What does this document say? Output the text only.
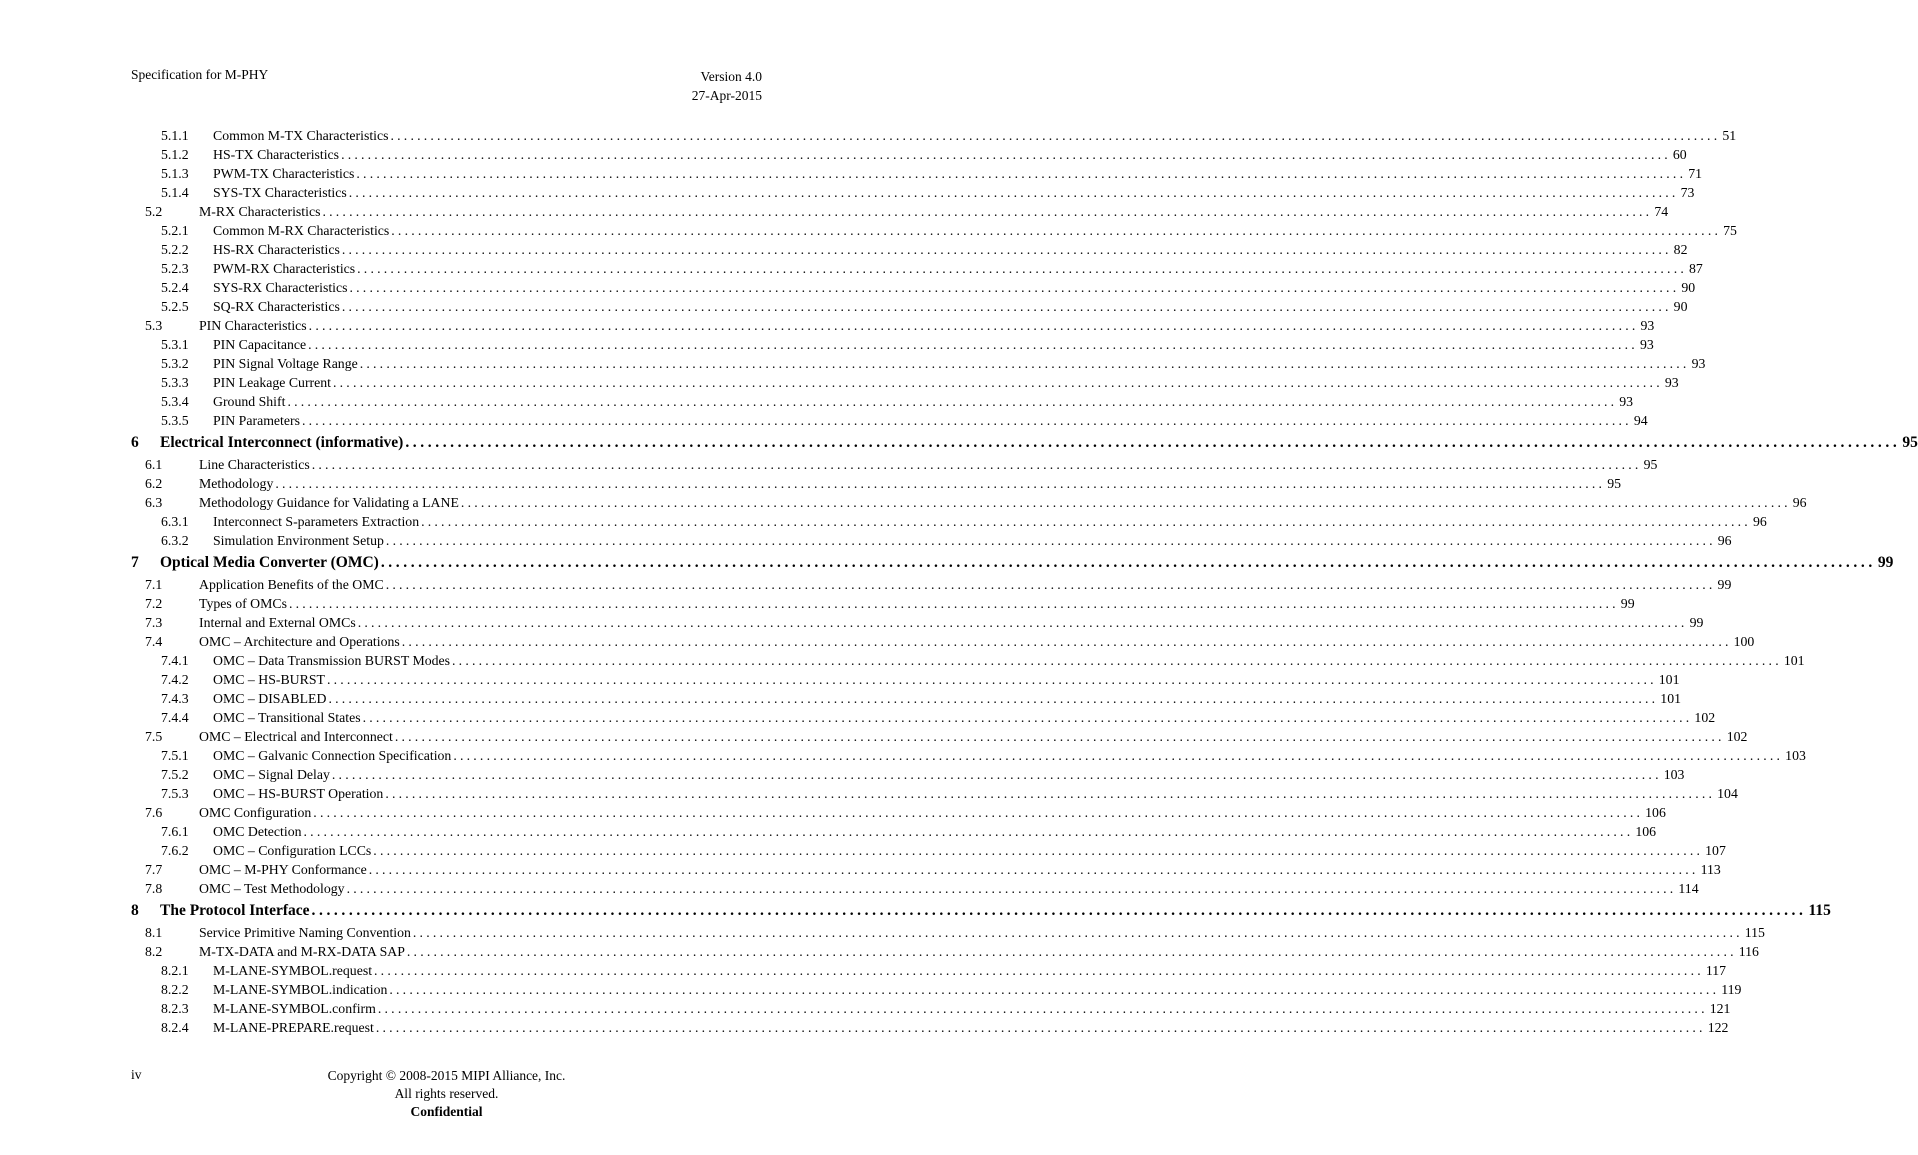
Specification for M-PHY	Version 4.0
27-Apr-2015
5.1.1	Common M-TX Characteristics ........................................................................................................................................................................................................ 51
5.1.2	HS-TX Characteristics ........................................................................................................................................................................................................ 60
5.1.3	PWM-TX Characteristics ........................................................................................................................................................................................................ 71
5.1.4	SYS-TX Characteristics ........................................................................................................................................................................................................ 73
5.2	M-RX Characteristics ........................................................................................................................................................................................................ 74
5.2.1	Common M-RX Characteristics ........................................................................................................................................................................................................ 75
5.2.2	HS-RX Characteristics ........................................................................................................................................................................................................ 82
5.2.3	PWM-RX Characteristics ........................................................................................................................................................................................................ 87
5.2.4	SYS-RX Characteristics ........................................................................................................................................................................................................ 90
5.2.5	SQ-RX Characteristics ........................................................................................................................................................................................................ 90
5.3	PIN Characteristics ........................................................................................................................................................................................................ 93
5.3.1	PIN Capacitance ........................................................................................................................................................................................................ 93
5.3.2	PIN Signal Voltage Range ........................................................................................................................................................................................................ 93
5.3.3	PIN Leakage Current ........................................................................................................................................................................................................ 93
5.3.4	Ground Shift ........................................................................................................................................................................................................ 93
5.3.5	PIN Parameters ........................................................................................................................................................................................................ 94
6	Electrical Interconnect (informative) ........................................................................................................................................................................................................ 95
6.1	Line Characteristics ........................................................................................................................................................................................................ 95
6.2	Methodology ........................................................................................................................................................................................................ 95
6.3	Methodology Guidance for Validating a LANE ........................................................................................................................................................................................................ 96
6.3.1	Interconnect S-parameters Extraction ........................................................................................................................................................................................................ 96
6.3.2	Simulation Environment Setup ........................................................................................................................................................................................................ 96
7	Optical Media Converter (OMC) ........................................................................................................................................................................................................ 99
7.1	Application Benefits of the OMC ........................................................................................................................................................................................................ 99
7.2	Types of OMCs ........................................................................................................................................................................................................ 99
7.3	Internal and External OMCs ........................................................................................................................................................................................................ 99
7.4	OMC – Architecture and Operations ........................................................................................................................................................................................................ 100
7.4.1	OMC – Data Transmission BURST Modes ........................................................................................................................................................................................................ 101
7.4.2	OMC – HS-BURST ........................................................................................................................................................................................................ 101
7.4.3	OMC – DISABLED ........................................................................................................................................................................................................ 101
7.4.4	OMC – Transitional States ........................................................................................................................................................................................................ 102
7.5	OMC – Electrical and Interconnect ........................................................................................................................................................................................................ 102
7.5.1	OMC – Galvanic Connection Specification ........................................................................................................................................................................................................ 103
7.5.2	OMC – Signal Delay ........................................................................................................................................................................................................ 103
7.5.3	OMC – HS-BURST Operation ........................................................................................................................................................................................................ 104
7.6	OMC Configuration ........................................................................................................................................................................................................ 106
7.6.1	OMC Detection ........................................................................................................................................................................................................ 106
7.6.2	OMC – Configuration LCCs ........................................................................................................................................................................................................ 107
7.7	OMC – M-PHY Conformance ........................................................................................................................................................................................................ 113
7.8	OMC – Test Methodology ........................................................................................................................................................................................................ 114
8	The Protocol Interface ........................................................................................................................................................................................................ 115
8.1	Service Primitive Naming Convention ........................................................................................................................................................................................................ 115
8.2	M-TX-DATA and M-RX-DATA SAP ........................................................................................................................................................................................................ 116
8.2.1	M-LANE-SYMBOL.request ........................................................................................................................................................................................................ 117
8.2.2	M-LANE-SYMBOL.indication ........................................................................................................................................................................................................ 119
8.2.3	M-LANE-SYMBOL.confirm ........................................................................................................................................................................................................ 121
8.2.4	M-LANE-PREPARE.request ........................................................................................................................................................................................................ 122
iv	Copyright © 2008-2015 MIPI Alliance, Inc.
All rights reserved.
Confidential
